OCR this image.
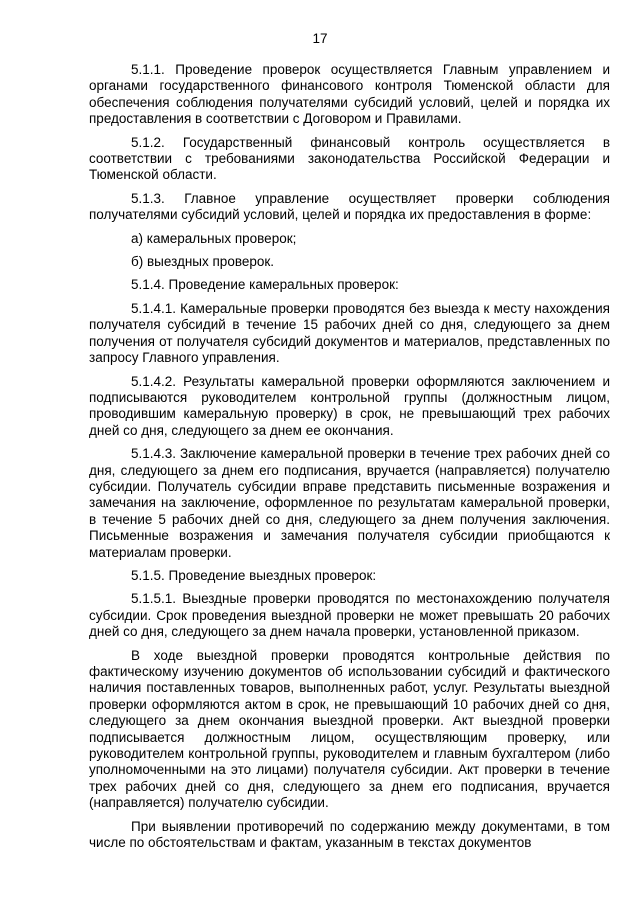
17

5.1.1. Проведение проверок осуществляется Главным управлением и органами государственного финансового контроля Тюменской области для обеспечения соблюдения получателями субсидий условий, целей и порядка их предоставления в соответствии с Договором и Правилами.

5.1.2. Государственный финансовый контроль осуществляется в соответствии с требованиями законодательства Российской Федерации и Тюменской области.

5.1.3. Главное управление осуществляет проверки соблюдения получателями субсидий условий, целей и порядка их предоставления в форме:

а) камеральных проверок;

б) выездных проверок.

5.1.4. Проведение камеральных проверок:

5.1.4.1. Камеральные проверки проводятся без выезда к месту нахождения получателя субсидий в течение 15 рабочих дней со дня, следующего за днем получения от получателя субсидий документов и материалов, представленных по запросу Главного управления.

5.1.4.2. Результаты камеральной проверки оформляются заключением и подписываются руководителем контрольной группы (должностным лицом, проводившим камеральную проверку) в срок, не превышающий трех рабочих дней со дня, следующего за днем ее окончания.

5.1.4.3. Заключение камеральной проверки в течение трех рабочих дней со дня, следующего за днем его подписания, вручается (направляется) получателю субсидии. Получатель субсидии вправе представить письменные возражения и замечания на заключение, оформленное по результатам камеральной проверки, в течение 5 рабочих дней со дня, следующего за днем получения заключения. Письменные возражения и замечания получателя субсидии приобщаются к материалам проверки.

5.1.5. Проведение выездных проверок:

5.1.5.1. Выездные проверки проводятся по местонахождению получателя субсидии. Срок проведения выездной проверки не может превышать 20 рабочих дней со дня, следующего за днем начала проверки, установленной приказом.

В ходе выездной проверки проводятся контрольные действия по фактическому изучению документов об использовании субсидий и фактического наличия поставленных товаров, выполненных работ, услуг. Результаты выездной проверки оформляются актом в срок, не превышающий 10 рабочих дней со дня, следующего за днем окончания выездной проверки. Акт выездной проверки подписывается должностным лицом, осуществляющим проверку, или руководителем контрольной группы, руководителем и главным бухгалтером (либо уполномоченными на это лицами) получателя субсидии. Акт проверки в течение трех рабочих дней со дня, следующего за днем его подписания, вручается (направляется) получателю субсидии.

При выявлении противоречий по содержанию между документами, в том числе по обстоятельствам и фактам, указанным в текстах документов
